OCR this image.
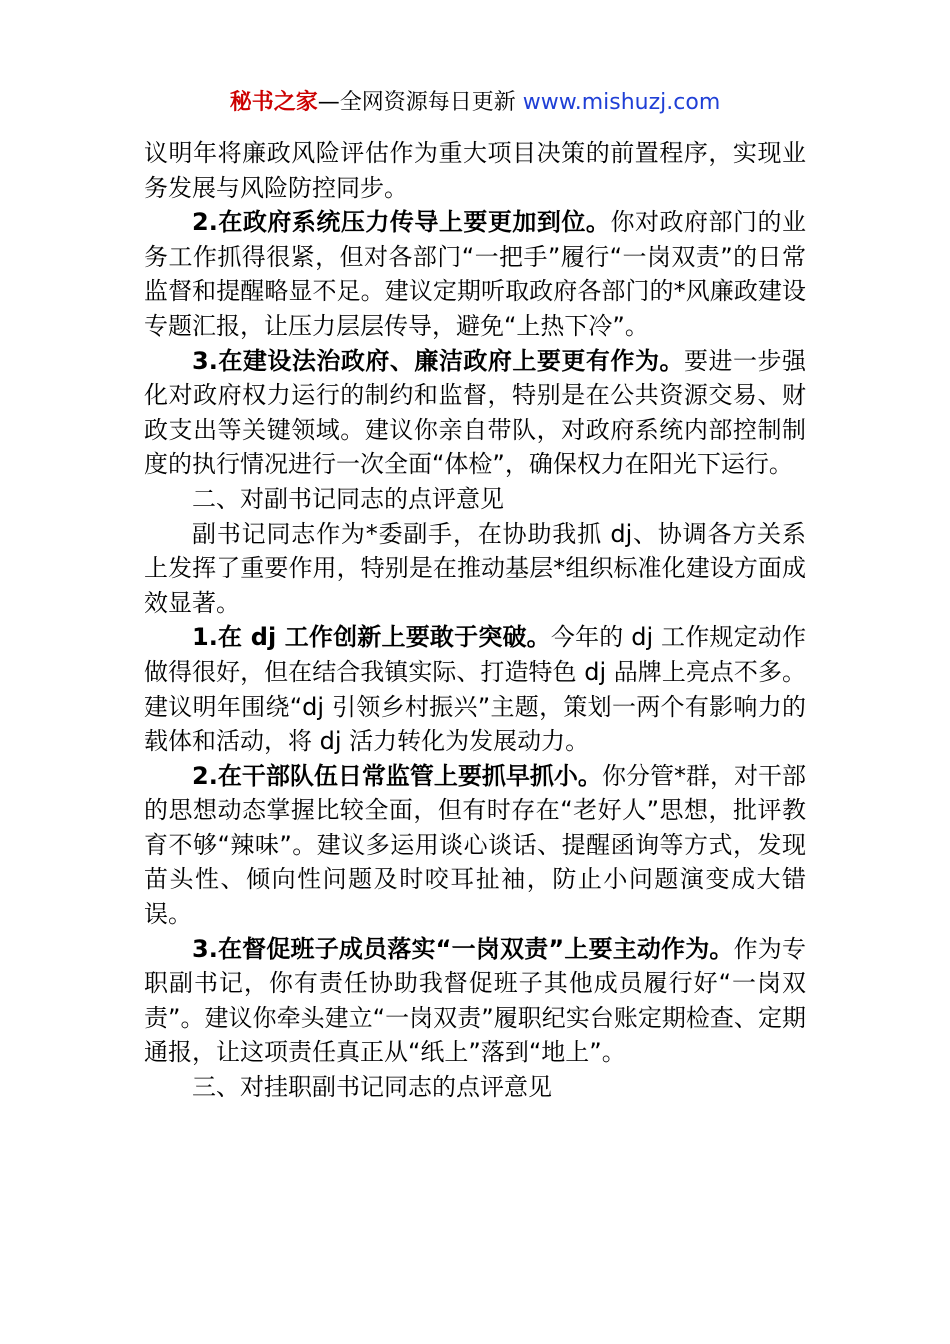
秘书之家—全网资源每日更新 www.mishuzj.com

议明年将廉政风险评估作为重大项目决策的前置程序，实现业务发展与风险防控同步。

2.在政府系统压力传导上要更加到位。你对政府部门的业务工作抓得很紧，但对各部门“一把手”履行“一岗双责”的日常监督和提醒略显不足。建议定期听取政府各部门的*风廉政建设专题汇报，让压力层层传导，避免“上热下冷”。

3.在建设法治政府、廉洁政府上要更有作为。要进一步强化对政府权力运行的制约和监督，特别是在公共资源交易、财政支出等关键领域。建议你亲自带队，对政府系统内部控制制度的执行情况进行一次全面“体检”，确保权力在阳光下运行。

二、对副书记同志的点评意见

副书记同志作为*委副手，在协助我抓 dj、协调各方关系上发挥了重要作用，特别是在推动基层*组织标准化建设方面成效显著。

1.在 dj 工作创新上要敢于突破。今年的 dj 工作规定动作做得很好，但在结合我镇实际、打造特色 dj 品牌上亮点不多。建议明年围绕“dj 引领乡村振兴”主题，策划一两个有影响力的载体和活动，将 dj 活力转化为发展动力。

2.在干部队伍日常监管上要抓早抓小。你分管*群，对干部的思想动态掌握比较全面，但有时存在“老好人”思想，批评教育不够“辣味”。建议多运用谈心谈话、提醒函询等方式，发现苗头性、倾向性问题及时咬耳扯袖，防止小问题演变成大错误。

3.在督促班子成员落实“一岗双责”上要主动作为。作为专职副书记，你有责任协助我督促班子其他成员履行好“一岗双责”。建议你牵头建立“一岗双责”履职纪实台账定期检查、定期通报，让这项责任真正从“纸上”落到“地上”。

三、对挂职副书记同志的点评意见
